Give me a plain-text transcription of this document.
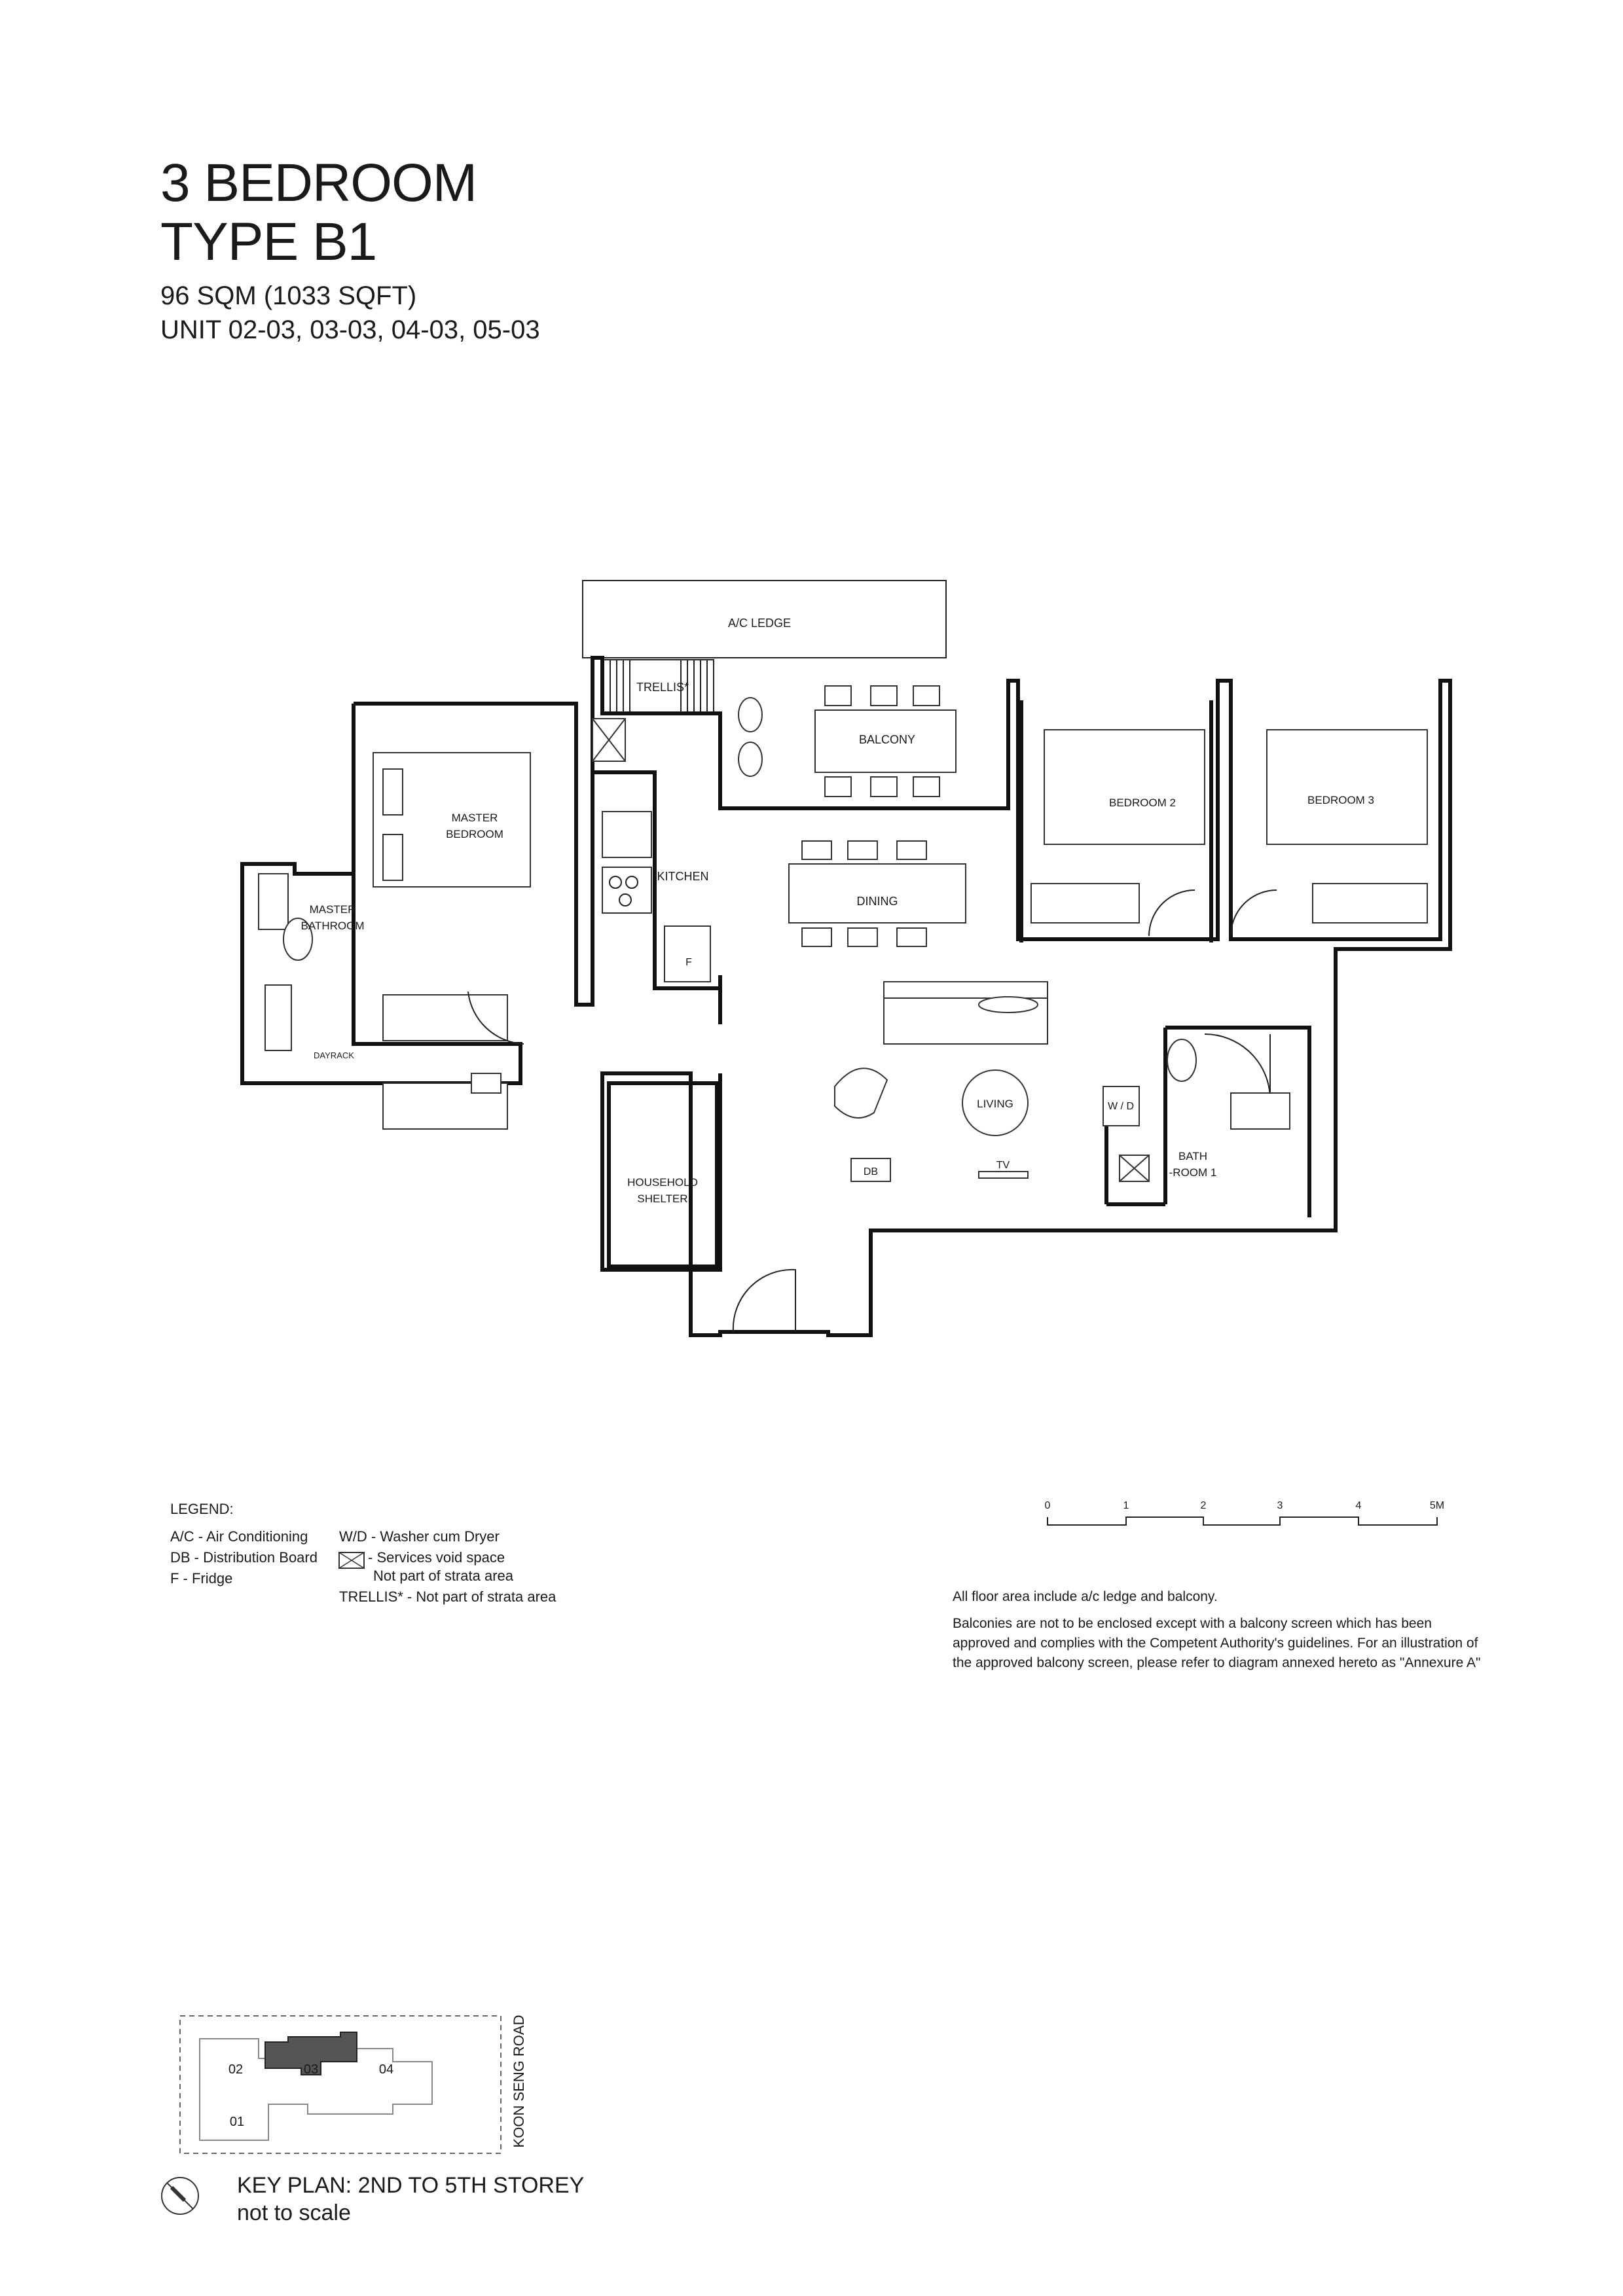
3 BEDROOM
TYPE B1
96 SQM (1033 SQFT)
UNIT 02-03, 03-03, 04-03, 05-03
A/C LEDGE
TRELLIS*
BALCONY
MASTER
BEDROOM
MASTER
BATHROOM
DAYRACK
KITCHEN
F
DINING
BEDROOM 2	BEDROOM 3
LIVING
DB
TV
W / D
BATH
-ROOM 1
HOUSEHOLD
SHELTER
0	1	2	3	4	5M
02	03	04
01	KOON SENG ROAD
LEGEND:
A/C - Air Conditioning
DB - Distribution Board
F - Fridge
W/D - Washer cum Dryer
- Services void space
Not part of strata area
TRELLIS* - Not part of strata area	All floor area include a/c ledge and balcony.
Balconies are not to be enclosed except with a balcony screen which has been
approved and complies with the Competent Authority's guidelines. For an illustration of
the approved balcony screen, please refer to diagram annexed hereto as "Annexure A"
KEY PLAN: 2ND TO 5TH STOREY
not to scale
